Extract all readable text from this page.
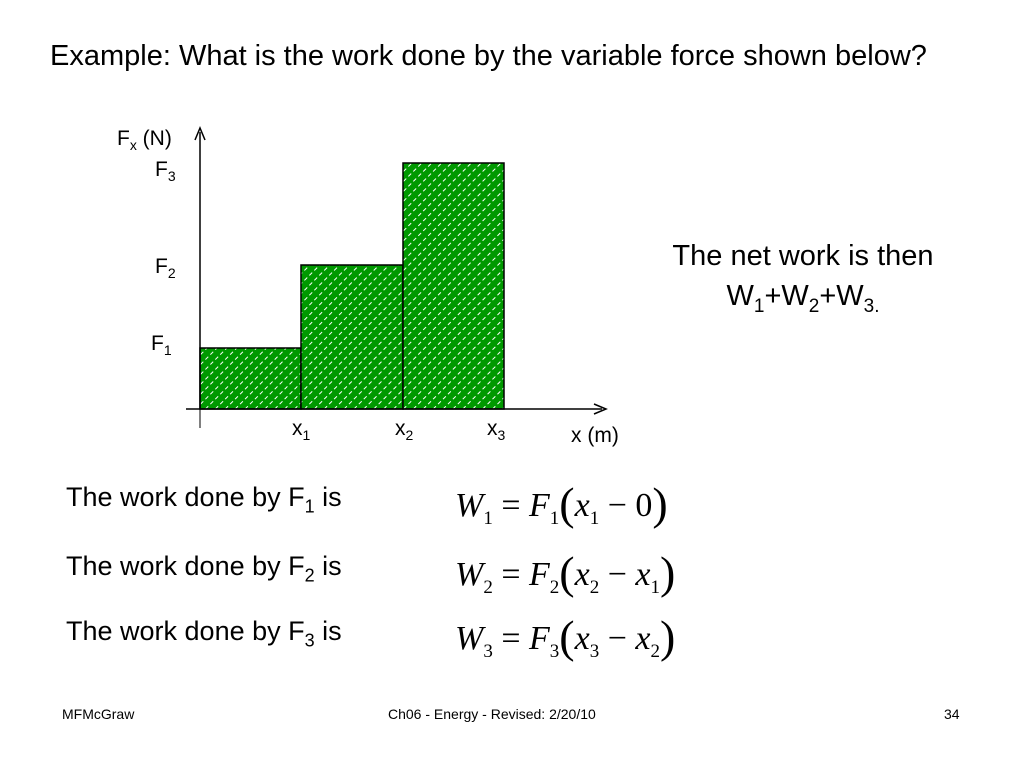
Example: What is the work done by the variable force shown below?
$F_x$ (N)
$F_1$
$F_2$
$F_3$
$x_1$	$x_2$	$x_3$	x (m)
The net work is then
$W_1+W_2+W_{3.}$
The work done by $F_1$ is	$W_1 = F_1(x_1 - 0)$
The work done by $F_2$ is	$W_2 = F_2(x_2 - x_1)$
The work done by $F_3$ is	$W_3 = F_3(x_3 - x_2)$
MFMcGraw	Ch06 - Energy - Revised: 2/20/10	34
